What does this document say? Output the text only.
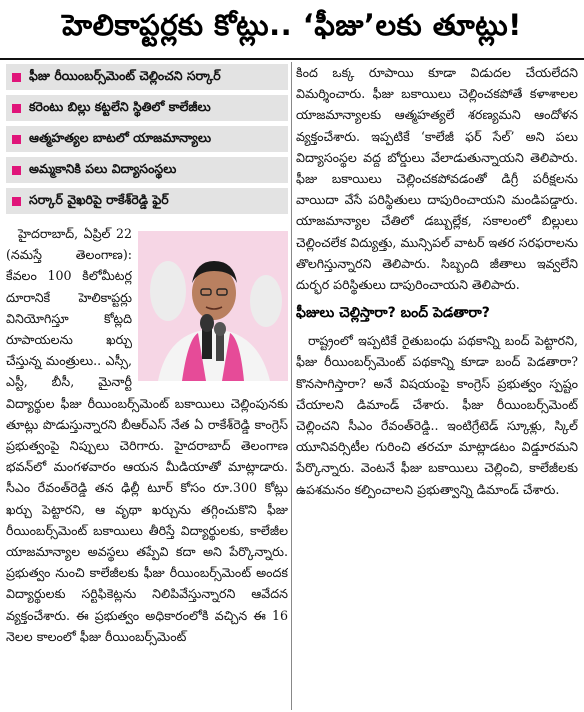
హెలికాప్టర్లకు కోట్లు.. ‘ఫీజు’లకు తూట్లు!
ఫీజు రీయింబర్స్‌మెంట్ చెల్లించని సర్కార్
కరెంటు బిల్లు కట్టలేని స్థితిలో కాలేజీలు
ఆత్మహత్యల బాటలో యాజమాన్యాలు
అమ్మకానికి పలు విద్యాసంస్థలు
సర్కార్ వైఖరిపై రాకేశ్‌రెడ్డి ఫైర్

హైదరాబాద్, ఏప్రిల్ 22 (నమస్తే తెలంగాణ): కేవలం 100 కిలోమీటర్ల దూరానికే హెలికాప్టర్లు వినియోగిస్తూ కోట్లది రూపాయలను ఖర్చు చేస్తున్న మంత్రులు.. ఎస్సీ, ఎస్టీ, బీసీ, మైనార్టీ విద్యార్థుల ఫీజు రీయింబర్స్‌మెంట్ బకాయిలు చెల్లింపునకు తూట్లు పొడుస్తున్నారని బీఆర్‌ఎస్ నేత ఏ రాకేశ్‌రెడ్డి కాంగ్రెస్ ప్రభుత్వంపై నిప్పులు చెరిగారు. హైదరాబాద్ తెలంగాణ భవన్‌లో మంగళవారం ఆయన మీడియాతో మాట్లాడారు. సీఎం రేవంత్‌రెడ్డి తన ఢిల్లీ టూర్ కోసం రూ.300 కోట్లు ఖర్చు పెట్టారని, ఆ వృథా ఖర్చును తగ్గించుకొని ఫీజు రీయింబర్స్‌మెంట్ బకాయిలు తీరిస్తే విద్యార్థులకు, కాలేజీల యాజమాన్యాల అవస్థలు తప్పేవి కదా అని పేర్కొన్నారు. ప్రభుత్వం నుంచి కాలేజీలకు ఫీజు రీయింబర్స్‌మెంట్ అందక విద్యార్థులకు సర్టిఫికెట్లను నిలిపివేస్తున్నారని ఆవేదన వ్యక్తంచేశారు. ఈ ప్రభుత్వం అధికారంలోకి వచ్చిన ఈ 16 నెలల కాలంలో ఫీజు రీయింబర్స్‌మెంట్

కింద ఒక్క రూపాయి కూడా విడుదల చేయలేదని విమర్శించారు. ఫీజు బకాయిలు చెల్లించకపోతే కళాశాలల యాజమాన్యాలకు ఆత్మహత్యలే శరణ్యమని ఆందోళన వ్యక్తంచేశారు. ఇప్పటికే ‘కాలేజీ ఫర్ సేల్’ అని పలు విద్యాసంస్థల వద్ద బోర్డులు వేలాడుతున్నాయని తెలిపారు. ఫీజు బకాయిలు చెల్లించకపోవడంతో డిగ్రీ పరీక్షలను వాయిదా వేసే పరిస్థితులు దాపురించాయని మండిపడ్డారు. యాజమాన్యాల చేతిలో డబ్బుల్లేక, సకాలంలో బిల్లులు చెల్లించలేక విద్యుత్తు, మున్సిపల్ వాటర్ ఇతర సరఫరాలను తొలగిస్తున్నారని తెలిపారు. సిబ్బంది జీతాలు ఇవ్వలేని దుర్భర పరిస్థితులు దాపురించాయని తెలిపారు.

ఫీజులు చెల్లిస్తారా? బంద్ పెడతారా?

రాష్ట్రంలో ఇప్పటికే రైతుబంధు పథకాన్ని బంద్ పెట్టారని, ఫీజు రీయింబర్స్‌మెంట్ పథకాన్ని కూడా బంద్ పెడతారా? కొనసాగిస్తారా? అనే విషయంపై కాంగ్రెస్ ప్రభుత్వం స్పష్టం చేయాలని డిమాండ్ చేశారు. ఫీజు రీయింబర్స్‌మెంట్ చెల్లించని సీఎం రేవంత్‌రెడ్డి.. ఇంటిగ్రేటెడ్ స్కూళ్లు, స్కిల్ యూనివర్సిటీల గురించి తరచూ మాట్లాడటం విడ్డూరమని పేర్కొన్నారు. వెంటనే ఫీజు బకాయిలు చెల్లించి, కాలేజీలకు ఉపశమనం కల్పించాలని ప్రభుత్వాన్ని డిమాండ్ చేశారు.
